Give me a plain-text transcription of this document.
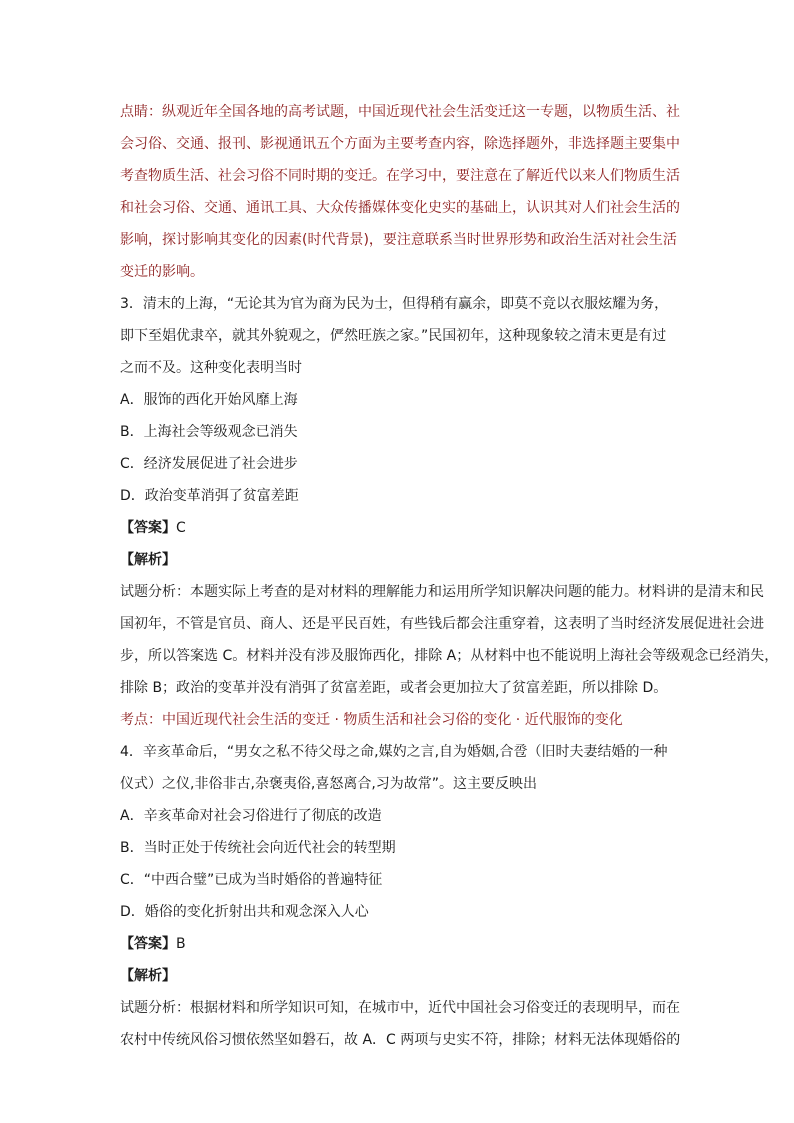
点睛：纵观近年全国各地的高考试题，中国近现代社会生活变迁这一专题，以物质生活、社
会习俗、交通、报刊、影视通讯五个方面为主要考查内容，除选择题外，非选择题主要集中
考查物质生活、社会习俗不同时期的变迁。在学习中，要注意在了解近代以来人们物质生活
和社会习俗、交通、通讯工具、大众传播媒体变化史实的基础上，认识其对人们社会生活的
影响，探讨影响其变化的因素(时代背景)，要注意联系当时世界形势和政治生活对社会生活
变迁的影响。
3．清末的上海，“无论其为官为商为民为士，但得稍有赢余，即莫不竞以衣服炫耀为务，
即下至娼优隶卒，就其外貌观之，俨然旺族之家。”民国初年，这种现象较之清末更是有过
之而不及。这种变化表明当时
A．服饰的西化开始风靡上海
B．上海社会等级观念已消失
C．经济发展促进了社会进步
D．政治变革消弭了贫富差距
【答案】C
【解析】
试题分析：本题实际上考查的是对材料的理解能力和运用所学知识解决问题的能力。材料讲的是清末和民
国初年，不管是官员、商人、还是平民百姓，有些钱后都会注重穿着，这表明了当时经济发展促进社会进
步，所以答案选 C。材料并没有涉及服饰西化，排除 A；从材料中也不能说明上海社会等级观念已经消失，
排除 B；政治的变革并没有消弭了贫富差距，或者会更加拉大了贫富差距，所以排除 D。
考点：中国近现代社会生活的变迁 · 物质生活和社会习俗的变化 · 近代服饰的变化
4．辛亥革命后，“男女之私不待父母之命,媒妁之言,自为婚姻,合卺（旧时夫妻结婚的一种
仪式）之仪,非俗非古,杂褒夷俗,喜怒离合,习为故常”。这主要反映出
A．辛亥革命对社会习俗进行了彻底的改造
B．当时正处于传统社会向近代社会的转型期
C．“中西合璧”已成为当时婚俗的普遍特征
D．婚俗的变化折射出共和观念深入人心
【答案】B
【解析】
试题分析：根据材料和所学知识可知，在城市中，近代中国社会习俗变迁的表现明早，而在
农村中传统风俗习惯依然坚如磐石，故 A．C 两项与史实不符，排除；材料无法体现婚俗的
